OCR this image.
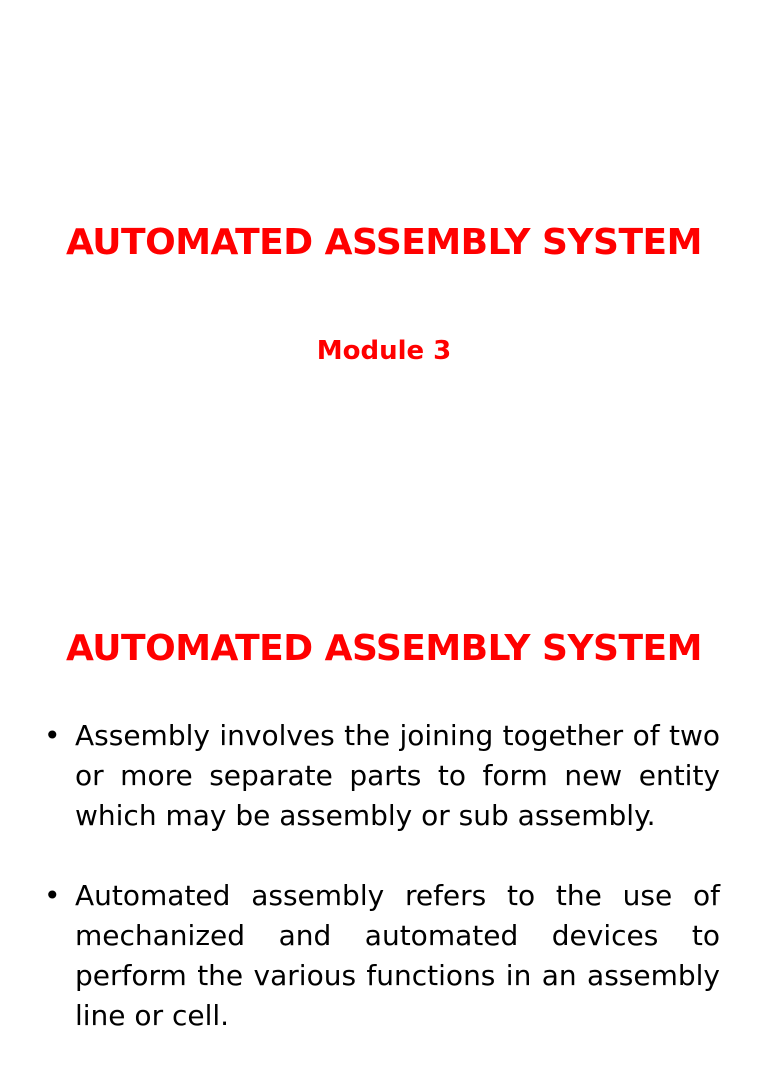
AUTOMATED ASSEMBLY SYSTEM
Module 3
AUTOMATED ASSEMBLY SYSTEM
• Assembly involves the joining together of two or more separate parts to form new entity which may be assembly or sub assembly.
• Automated assembly refers to the use of mechanized and automated devices to perform the various functions in an assembly line or cell.
